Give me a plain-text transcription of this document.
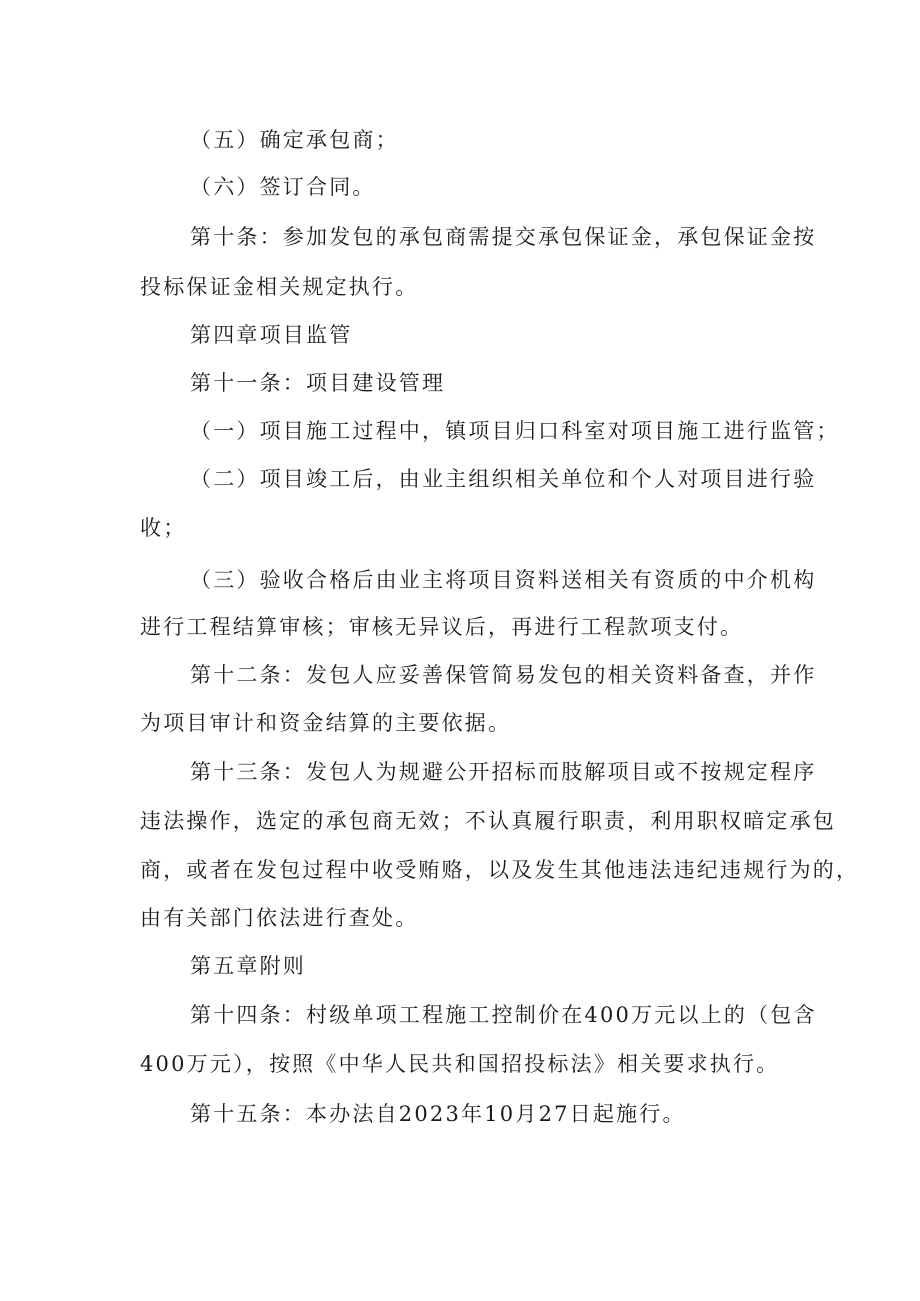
（五）确定承包商；
（六）签订合同。
第十条：参加发包的承包商需提交承包保证金，承包保证金按
投标保证金相关规定执行。
第四章项目监管
第十一条：项目建设管理
（一）项目施工过程中，镇项目归口科室对项目施工进行监管；
（二）项目竣工后，由业主组织相关单位和个人对项目进行验
收；
（三）验收合格后由业主将项目资料送相关有资质的中介机构
进行工程结算审核；审核无异议后，再进行工程款项支付。
第十二条：发包人应妥善保管简易发包的相关资料备查，并作
为项目审计和资金结算的主要依据。
第十三条：发包人为规避公开招标而肢解项目或不按规定程序
违法操作，选定的承包商无效；不认真履行职责，利用职权暗定承包
商，或者在发包过程中收受贿赂，以及发生其他违法违纪违规行为的，
由有关部门依法进行查处。
第五章附则
第十四条：村级单项工程施工控制价在400万元以上的（包含
400万元），按照《中华人民共和国招投标法》相关要求执行。
第十五条：本办法自2023年10月27日起施行。
